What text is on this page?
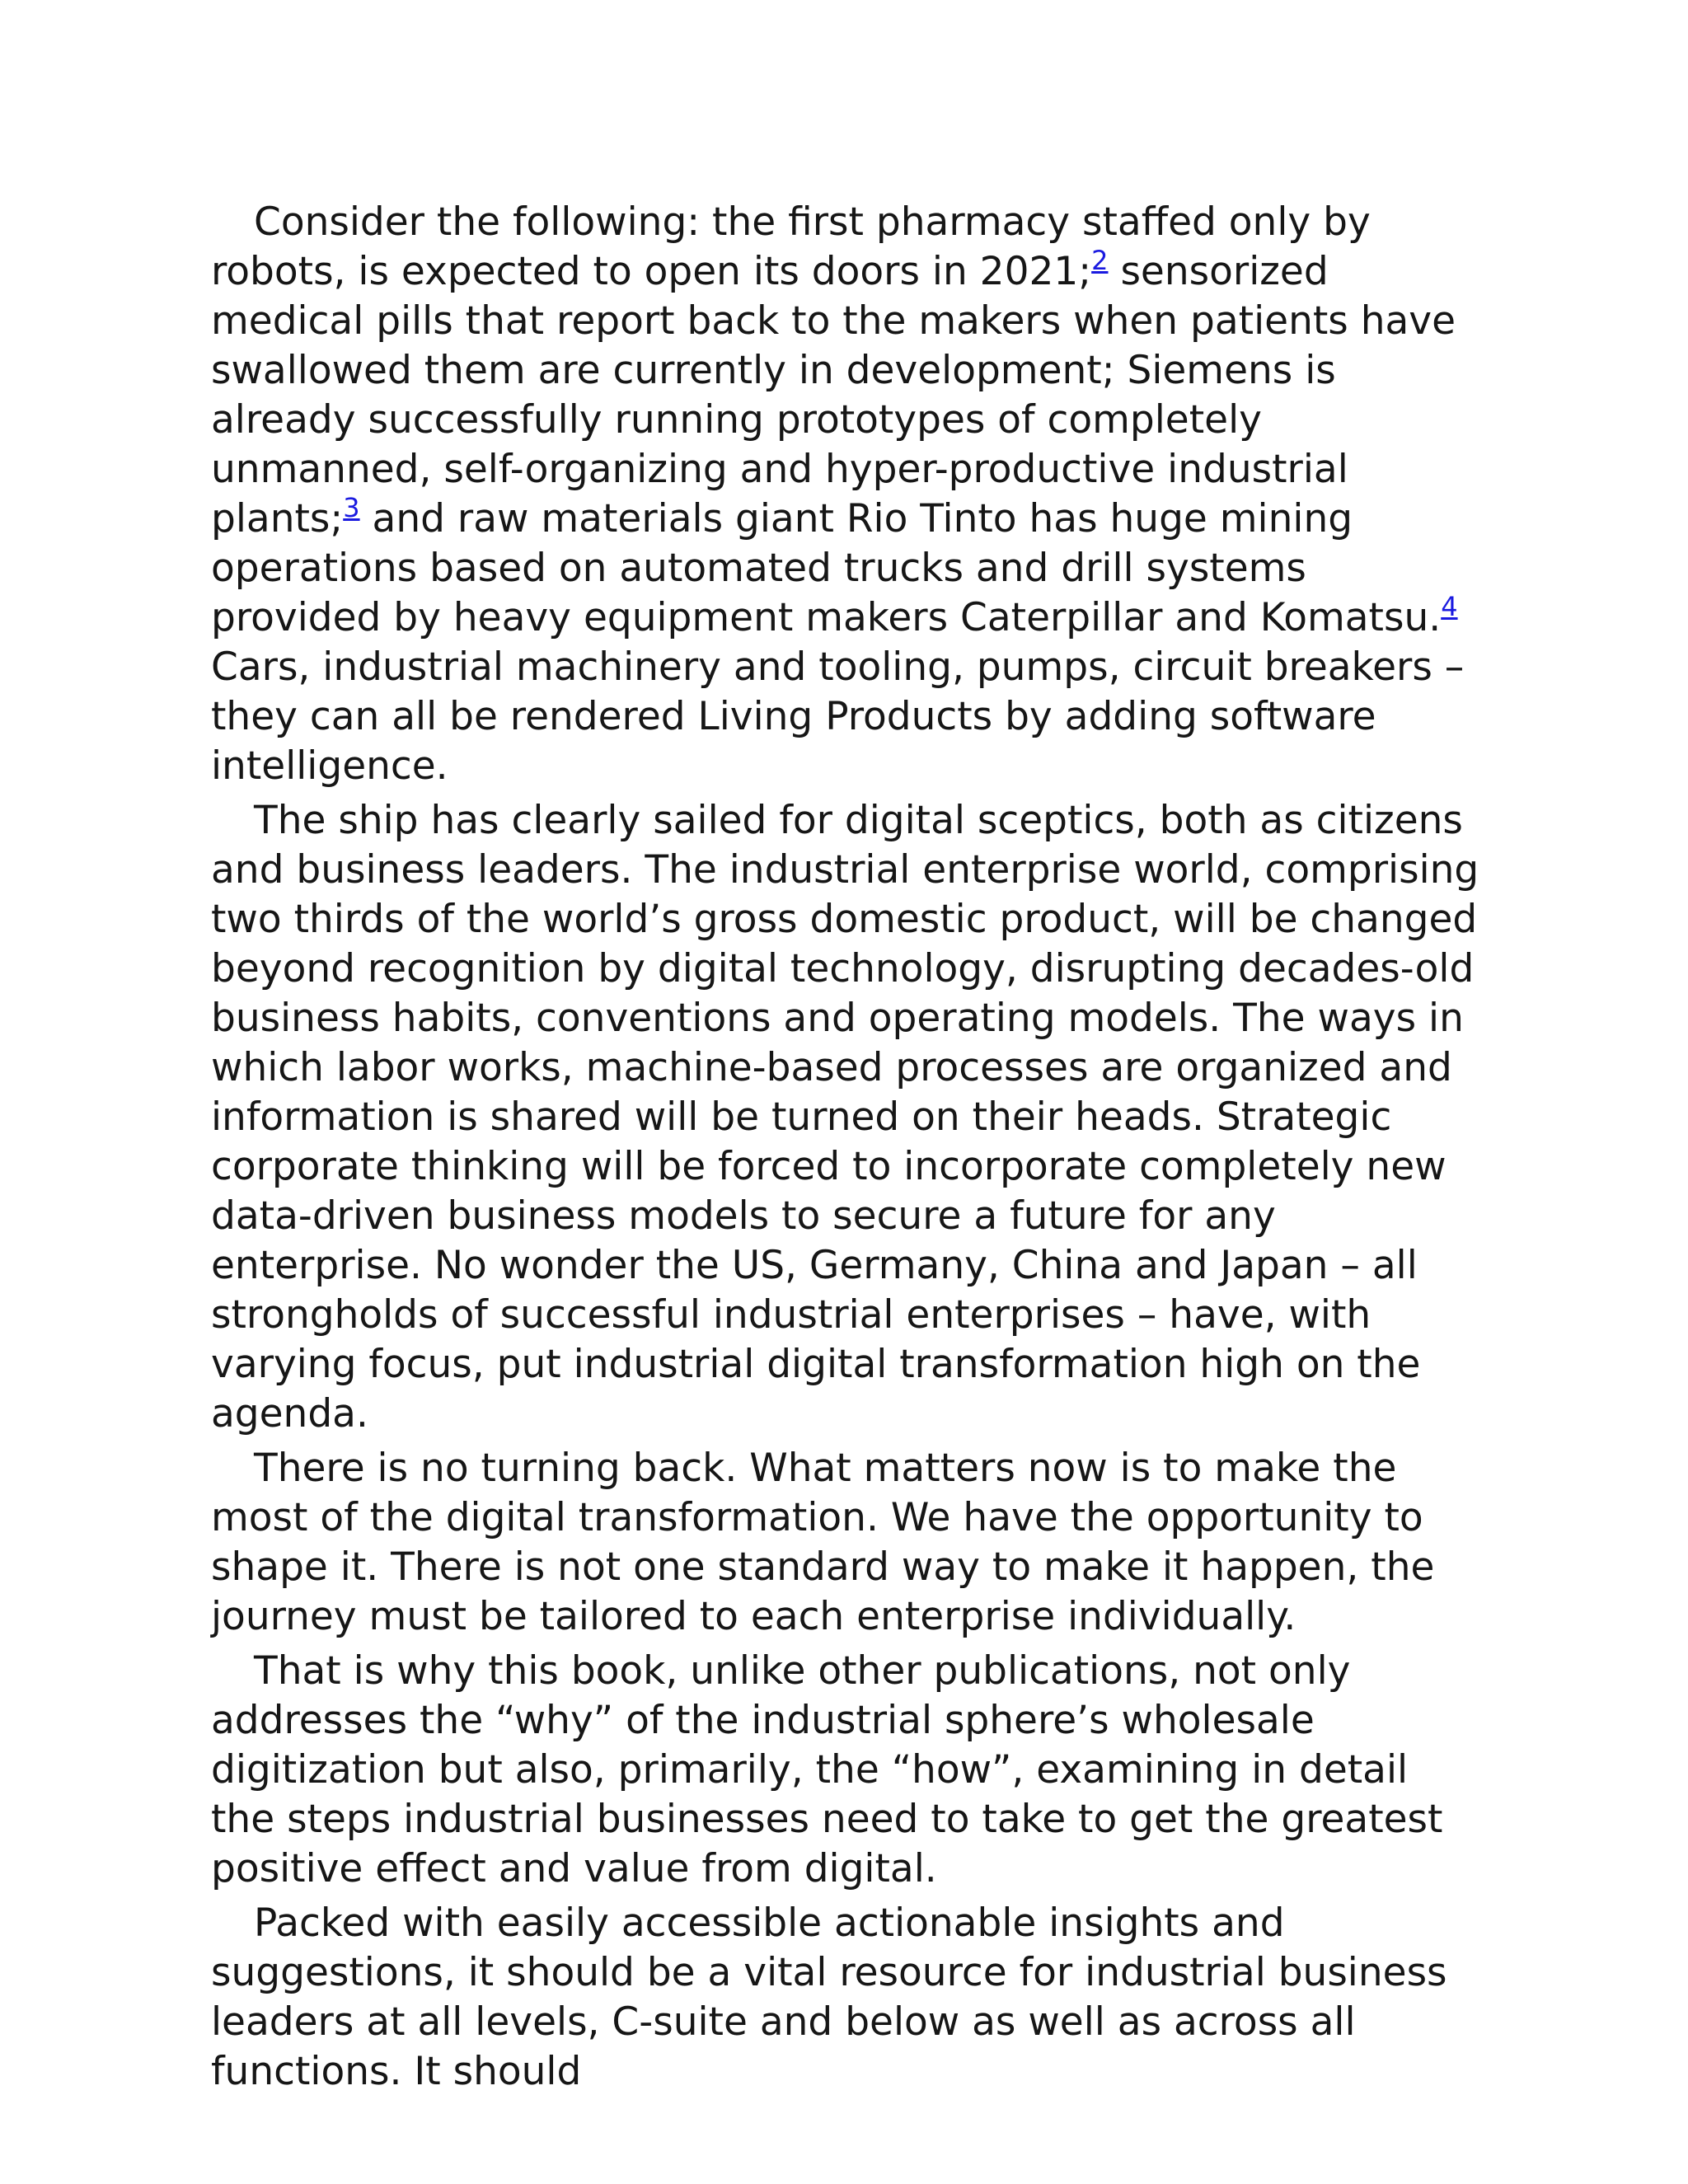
Consider the following: the first pharmacy staffed only by robots, is expected to open its doors in 2021;$^2$ sensorized medical pills that report back to the makers when patients have swallowed them are currently in development; Siemens is already successfully running prototypes of completely unmanned, self-organizing and hyper-productive industrial plants;$^3$ and raw materials giant Rio Tinto has huge mining operations based on automated trucks and drill systems provided by heavy equipment makers Caterpillar and Komatsu.$^4$ Cars, industrial machinery and tooling, pumps, circuit breakers – they can all be rendered Living Products by adding software intelligence.

The ship has clearly sailed for digital sceptics, both as citizens and business leaders. The industrial enterprise world, comprising two thirds of the world’s gross domestic product, will be changed beyond recognition by digital technology, disrupting decades-old business habits, conventions and operating models. The ways in which labor works, machine-based processes are organized and information is shared will be turned on their heads. Strategic corporate thinking will be forced to incorporate completely new data-driven business models to secure a future for any enterprise. No wonder the US, Germany, China and Japan – all strongholds of successful industrial enterprises – have, with varying focus, put industrial digital transformation high on the agenda.

There is no turning back. What matters now is to make the most of the digital transformation. We have the opportunity to shape it. There is not one standard way to make it happen, the journey must be tailored to each enterprise individually.

That is why this book, unlike other publications, not only addresses the “why” of the industrial sphere’s wholesale digitization but also, primarily, the “how”, examining in detail the steps industrial businesses need to take to get the greatest positive effect and value from digital.

Packed with easily accessible actionable insights and suggestions, it should be a vital resource for industrial business leaders at all levels, C-suite and below as well as across all functions. It should
